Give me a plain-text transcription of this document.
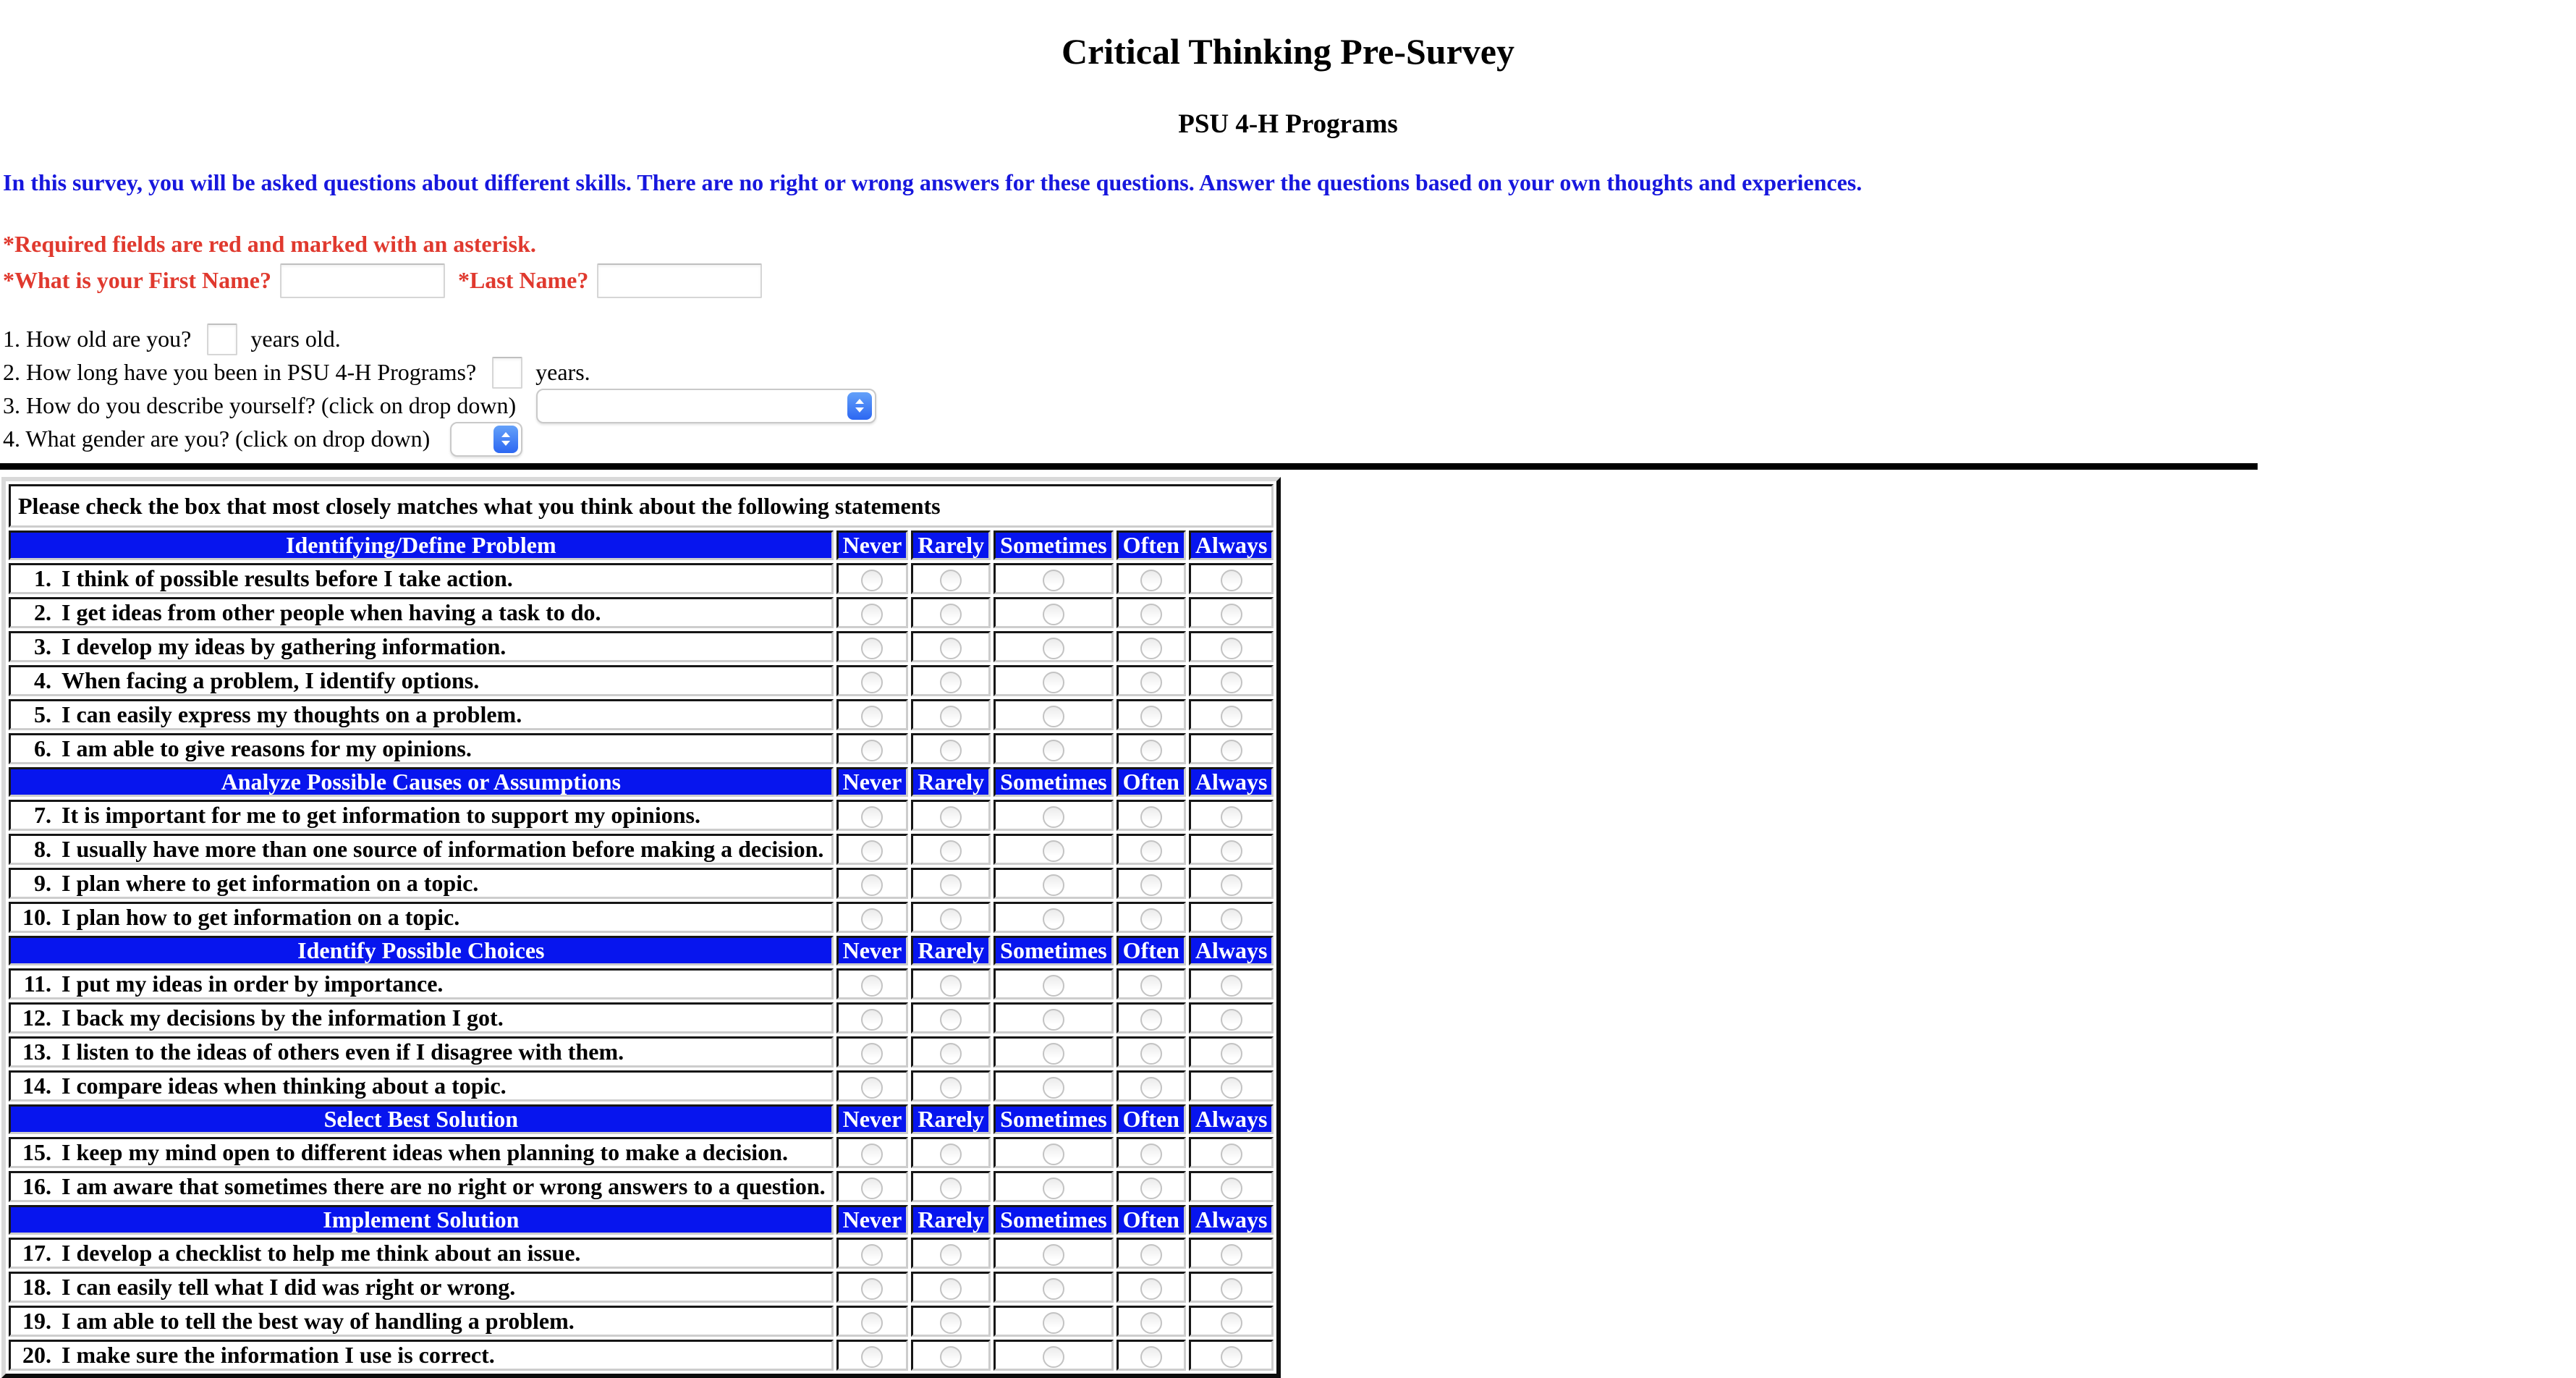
Critical Thinking Pre-Survey
PSU 4-H Programs

In this survey, you will be asked questions about different skills. There are no right or wrong answers for these questions. Answer the questions based on your own thoughts and experiences.

*Required fields are red and marked with an asterisk.

*What is your First Name?	*Last Name?
1. How old are you?	years old.
2. How long have you been in PSU 4-H Programs?	years.
3. How do you describe yourself? (click on drop down)
4. What gender are you? (click on drop down)
Please check the box that most closely matches what you think about the following statements					
Identifying/Define Problem	Never	Rarely	Sometimes	Often	Always
1. I think of possible results before I take action.					
2. I get ideas from other people when having a task to do.					
3. I develop my ideas by gathering information.					
4. When facing a problem, I identify options.					
5. I can easily express my thoughts on a problem.					
6. I am able to give reasons for my opinions.					
Analyze Possible Causes or Assumptions	Never	Rarely	Sometimes	Often	Always
7. It is important for me to get information to support my opinions.					
8. I usually have more than one source of information before making a decision.					
9. I plan where to get information on a topic.					
10. I plan how to get information on a topic.					
Identify Possible Choices	Never	Rarely	Sometimes	Often	Always
11. I put my ideas in order by importance.					
12. I back my decisions by the information I got.					
13. I listen to the ideas of others even if I disagree with them.					
14. I compare ideas when thinking about a topic.					
Select Best Solution	Never	Rarely	Sometimes	Often	Always
15. I keep my mind open to different ideas when planning to make a decision.					
16. I am aware that sometimes there are no right or wrong answers to a question.					
Implement Solution	Never	Rarely	Sometimes	Often	Always
17. I develop a checklist to help me think about an issue.					
18. I can easily tell what I did was right or wrong.					
19. I am able to tell the best way of handling a problem.					
20. I make sure the information I use is correct.					
